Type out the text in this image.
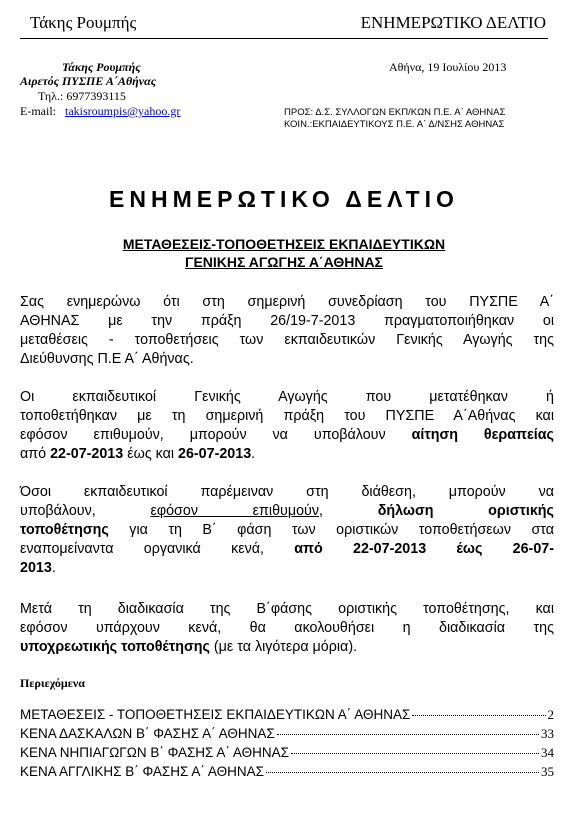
Τάκης Ρουμπής	ΕΝΗΜΕΡΩΤΙΚΟ ΔΕΛΤΙΟ
Τάκης Ρουμπής
Αιρετός ΠΥΣΠΕ Α΄Αθήνας
Τηλ.: 6977393115
E-mail: takisroumpis@yahoo.gr
Αθήνα, 19 Ιουλίου 2013
ΠΡΟΣ: Δ.Σ. ΣΥΛΛΟΓΩΝ ΕΚΠ/ΚΩΝ Π.Ε. Α΄ ΑΘΗΝΑΣ
ΚΟΙΝ.:ΕΚΠΑΙΔΕΥΤΙΚΟΥΣ Π.Ε. Α΄ Δ/ΝΣΗΣ ΑΘΗΝΑΣ
ΕΝΗΜΕΡΩΤΙΚΟ ΔΕΛΤΙΟ
ΜΕΤΑΘΕΣΕΙΣ-ΤΟΠΟΘΕΤΗΣΕΙΣ ΕΚΠΑΙΔΕΥΤΙΚΩΝ
ΓΕΝΙΚΗΣ ΑΓΩΓΗΣ Α΄ΑΘΗΝΑΣ
Σας ενημερώνω ότι στη σημερινή συνεδρίαση του ΠΥΣΠΕ Α΄
ΑΘΗΝΑΣ με την πράξη 26/19-7-2013 πραγματοποιήθηκαν οι
μεταθέσεις - τοποθετήσεις των εκπαιδευτικών Γενικής Αγωγής της
Διεύθυνσης Π.Ε Α΄ Αθήνας.
Οι εκπαιδευτικοί Γενικής Αγωγής που μετατέθηκαν ή
τοποθετήθηκαν με τη σημερινή πράξη του ΠΥΣΠΕ Α΄Αθήνας και
εφόσον επιθυμούν, μπορούν να υποβάλουν αίτηση θεραπείας
από 22-07-2013 έως και 26-07-2013.
Όσοι εκπαιδευτικοί παρέμειναν στη διάθεση, μπορούν να
υποβάλουν,	εφόσον επιθυμούν,	δήλωση οριστικής
τοποθέτησης για τη Β΄ φάση των οριστικών τοποθετήσεων στα
εναπομείναντα οργανικά κενά, από 22-07-2013 έως 26-07-
2013.
Μετά τη διαδικασία της Β΄φάσης οριστικής τοποθέτησης, και
εφόσον υπάρχουν κενά, θα ακολουθήσει η διαδικασία της
υποχρεωτικής τοποθέτησης (με τα λιγότερα μόρια).
Περιεχόμενα
ΜΕΤΑΘΕΣΕΙΣ - ΤΟΠΟΘΕΤΗΣΕΙΣ ΕΚΠΑΙΔΕΥΤΙΚΩΝ Α΄ ΑΘΗΝΑΣ	2
ΚΕΝΑ ΔΑΣΚΑΛΩΝ Β΄ ΦΑΣΗΣ Α΄ ΑΘΗΝΑΣ	33
ΚΕΝΑ ΝΗΠΙΑΓΩΓΩΝ Β΄ ΦΑΣΗΣ Α΄ ΑΘΗΝΑΣ	34
ΚΕΝΑ ΑΓΓΛΙΚΗΣ Β΄ ΦΑΣΗΣ Α΄ ΑΘΗΝΑΣ	35
